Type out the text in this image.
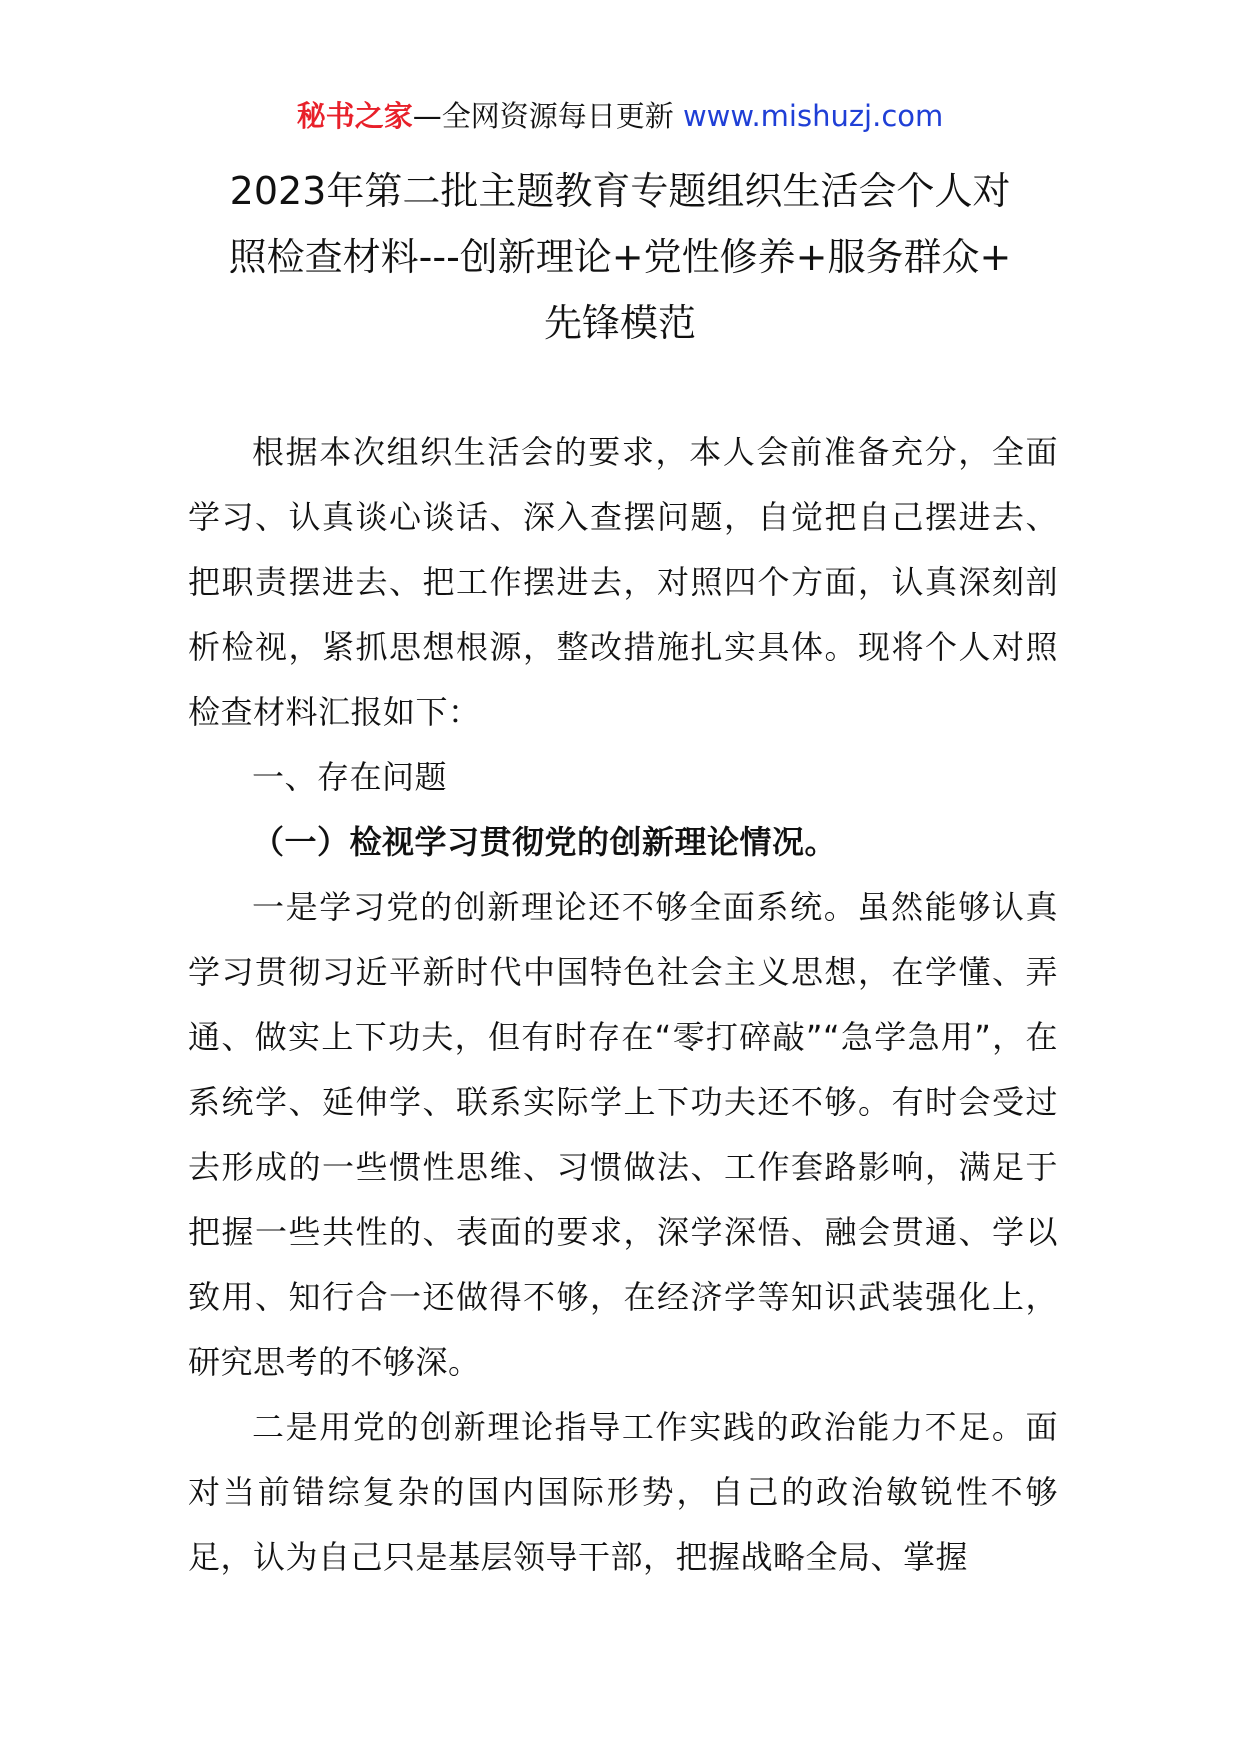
秘书之家—全网资源每日更新 www.mishuzj.com
2023年第二批主题教育专题组织生活会个人对
照检查材料---创新理论+党性修养+服务群众+
先锋模范

根据本次组织生活会的要求，本人会前准备充分，全面学习、认真谈心谈话、深入查摆问题，自觉把自己摆进去、把职责摆进去、把工作摆进去，对照四个方面，认真深刻剖析检视，紧抓思想根源，整改措施扎实具体。现将个人对照检查材料汇报如下：

一、存在问题

（一）检视学习贯彻党的创新理论情况。

一是学习党的创新理论还不够全面系统。虽然能够认真学习贯彻习近平新时代中国特色社会主义思想，在学懂、弄通、做实上下功夫，但有时存在“零打碎敲”“急学急用”，在系统学、延伸学、联系实际学上下功夫还不够。有时会受过去形成的一些惯性思维、习惯做法、工作套路影响，满足于把握一些共性的、表面的要求，深学深悟、融会贯通、学以致用、知行合一还做得不够，在经济学等知识武装强化上，研究思考的不够深。

二是用党的创新理论指导工作实践的政治能力不足。面对当前错综复杂的国内国际形势，自己的政治敏锐性不够足，认为自己只是基层领导干部，把握战略全局、掌握
